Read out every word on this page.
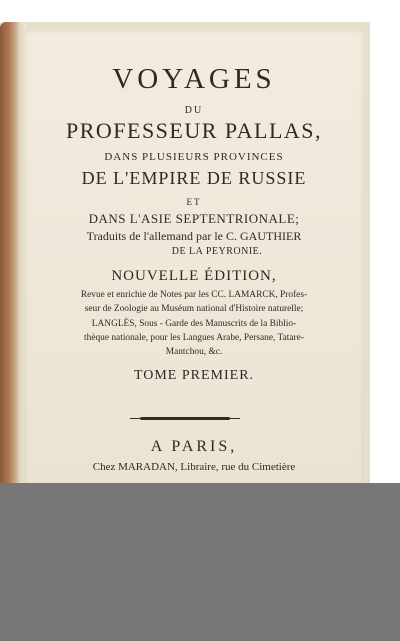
VOYAGES
DU
PROFESSEUR PALLAS,
DANS PLUSIEURS PROVINCES
DE L'EMPIRE DE RUSSIE
ET
DANS L'ASIE SEPTENTRIONALE;
Traduits de l'allemand par le C. GAUTHIER
DE LA PEYRONIE.
NOUVELLE ÉDITION,
Revue et enrichie de Notes par les CC. LAMARCK, Profes-
seur de Zoologie au Muséum national d'Histoire naturelle;
LANGLÈS, Sous - Garde des Manuscrits de la Biblio-
thèque nationale, pour les Langues Arabe, Persane, Tatare-
Mantchou, &c.
TOME PREMIER.
A PARIS,
Chez MARADAN, Libraire, rue du Cimetière
